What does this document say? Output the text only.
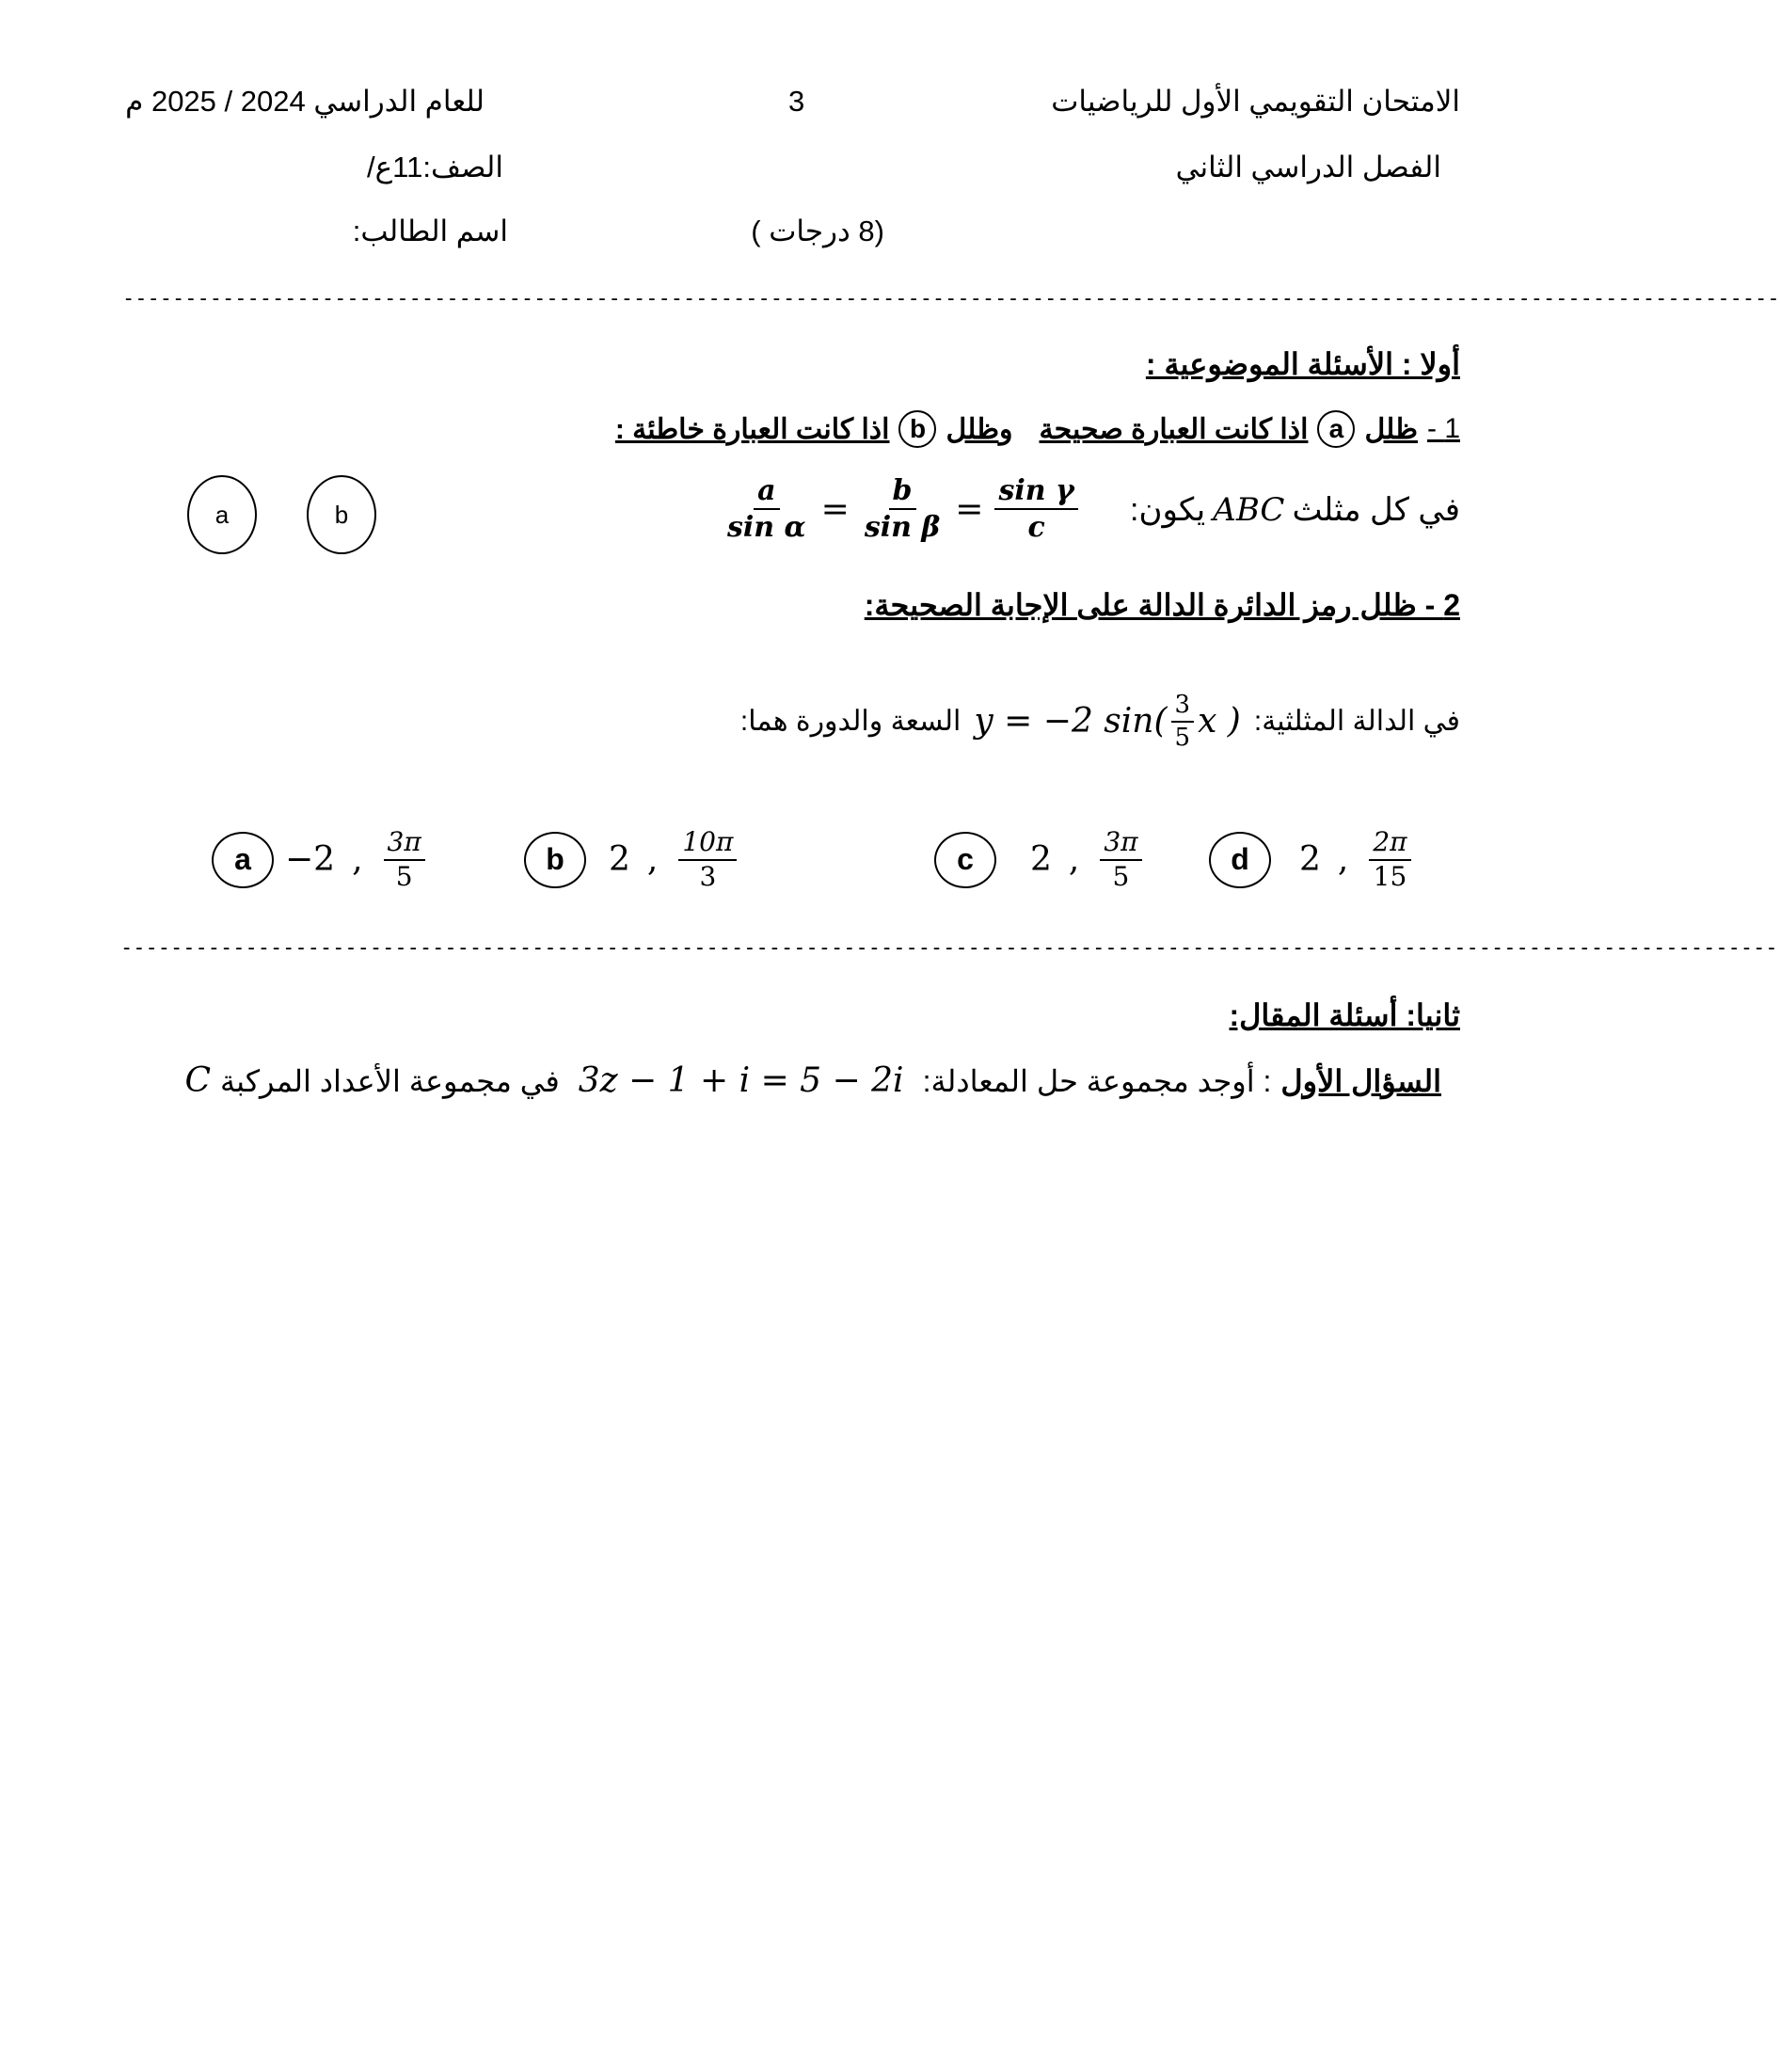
الامتحان التقويمي الأول للرياضيات
3
للعام الدراسي 2024 / 2025 م
الفصل الدراسي الثاني
الصف:11ع/
(8 درجات )
اسم الطالب:
-------------------------------------------------------------------------------------------------------------------------------------
أولا : الأسئلة الموضوعية :
1 -
ظلل
a
اذا كانت العبارة صحيحة
وظلل
b
اذا كانت العبارة خاطئة :
في كل مثلث
ABC
يكون:
$\frac{a}{\text{sin α}} = \frac{b}{\text{sin β}} = \frac{\text{sin γ}}{c}$
a	b
2 - ظلل رمز الدائرة الدالة على الإجابة الصحيحة:
في الدالة المثلثية:
y = −2 $\sin( \frac{3}{5}$ x )
السعة والدورة هما:
a	−2 , $\frac{3\pi}{5}$	b	2 , $\frac{10\pi}{3}$	c	2 , $\frac{3\pi}{5}$	d	2 , $\frac{2\pi}{15}$
-------------------------------------------------------------------------------------------------------------------------------------
ثانيا: أسئلة المقال:
السؤال الأول
: أوجد مجموعة حل المعادلة:
3z − 1 + i = 5 − 2i
في مجموعة الأعداد المركبة
C
